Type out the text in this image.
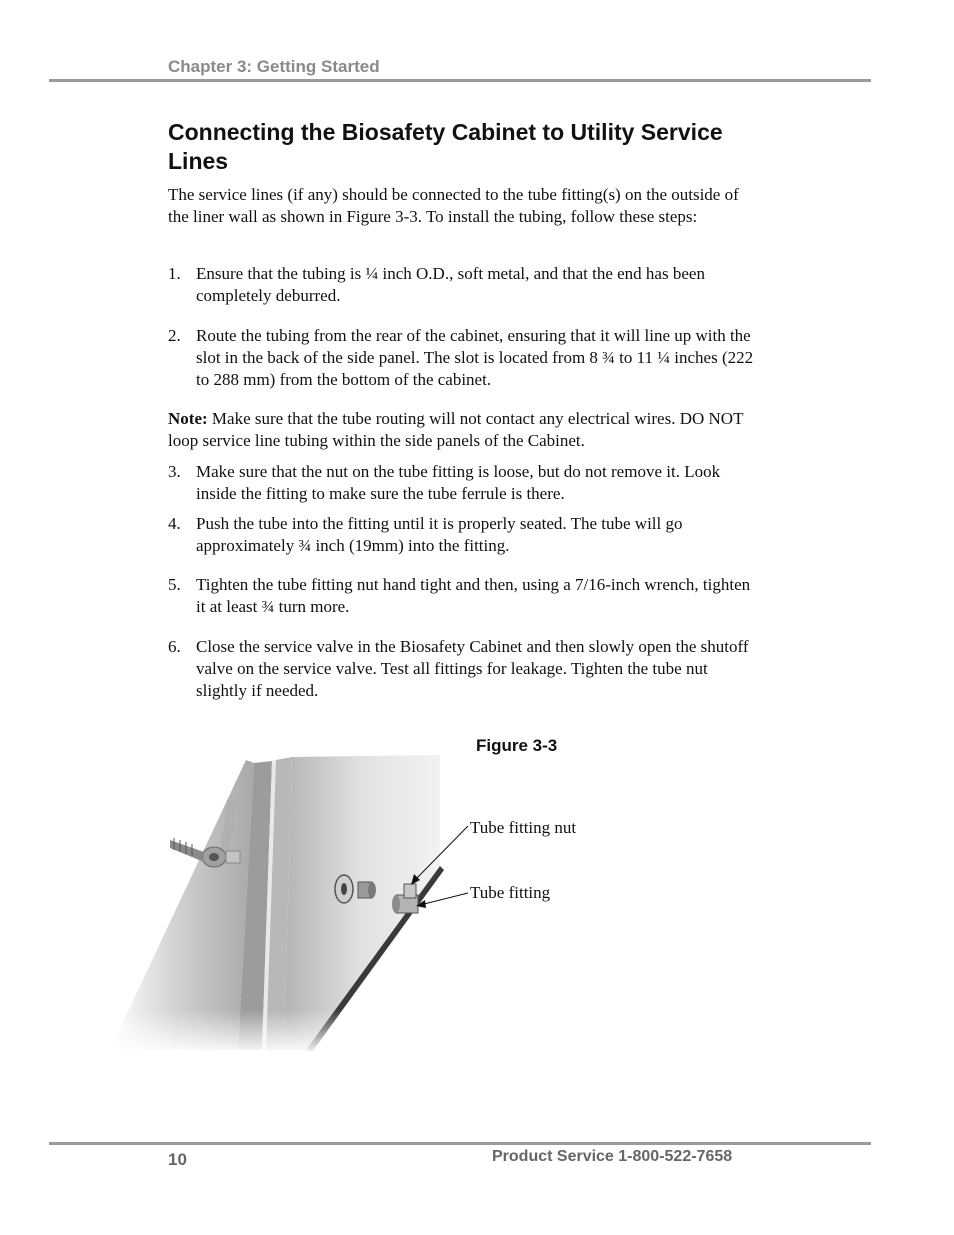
Chapter 3: Getting Started
Connecting the Biosafety Cabinet to Utility Service Lines

The service lines (if any) should be connected to the tube fitting(s) on the outside of the liner wall as shown in Figure 3-3. To install the tubing, follow these steps:

1. Ensure that the tubing is ¼ inch O.D., soft metal, and that the end has been completely deburred.
2. Route the tubing from the rear of the cabinet, ensuring that it will line up with the slot in the back of the side panel. The slot is located from 8 ¾ to 11 ¼ inches (222 to 288 mm) from the bottom of the cabinet.

Note: Make sure that the tube routing will not contact any electrical wires. DO NOT loop service line tubing within the side panels of the Cabinet.

3. Make sure that the nut on the tube fitting is loose, but do not remove it. Look inside the fitting to make sure the tube ferrule is there.
4. Push the tube into the fitting until it is properly seated. The tube will go approximately ¾ inch (19mm) into the fitting.
5. Tighten the tube fitting nut hand tight and then, using a 7/16-inch wrench, tighten it at least ¾ turn more.
6. Close the service valve in the Biosafety Cabinet and then slowly open the shutoff valve on the service valve. Test all fittings for leakage. Tighten the tube nut slightly if needed.
Figure 3-3
Tube fitting nut
Tube fitting
10	Product Service 1-800-522-7658
